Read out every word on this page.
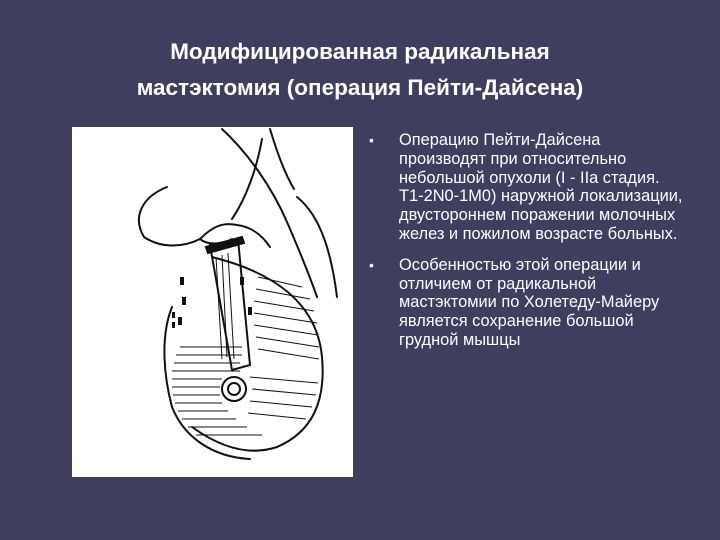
Модифицированная радикальная
мастэктомия (операция Пейти-Дайсена)
• Операцию Пейти-Дайсена производят при относительно небольшой опухоли (I - IIa стадия. T1-2N0-1M0) наружной локализации, двустороннем поражении молочных желез и пожилом возрасте больных.
• Особенностью этой операции и отличием от радикальной мастэктомии по Холетеду-Майеру является сохранение большой грудной мышцы
